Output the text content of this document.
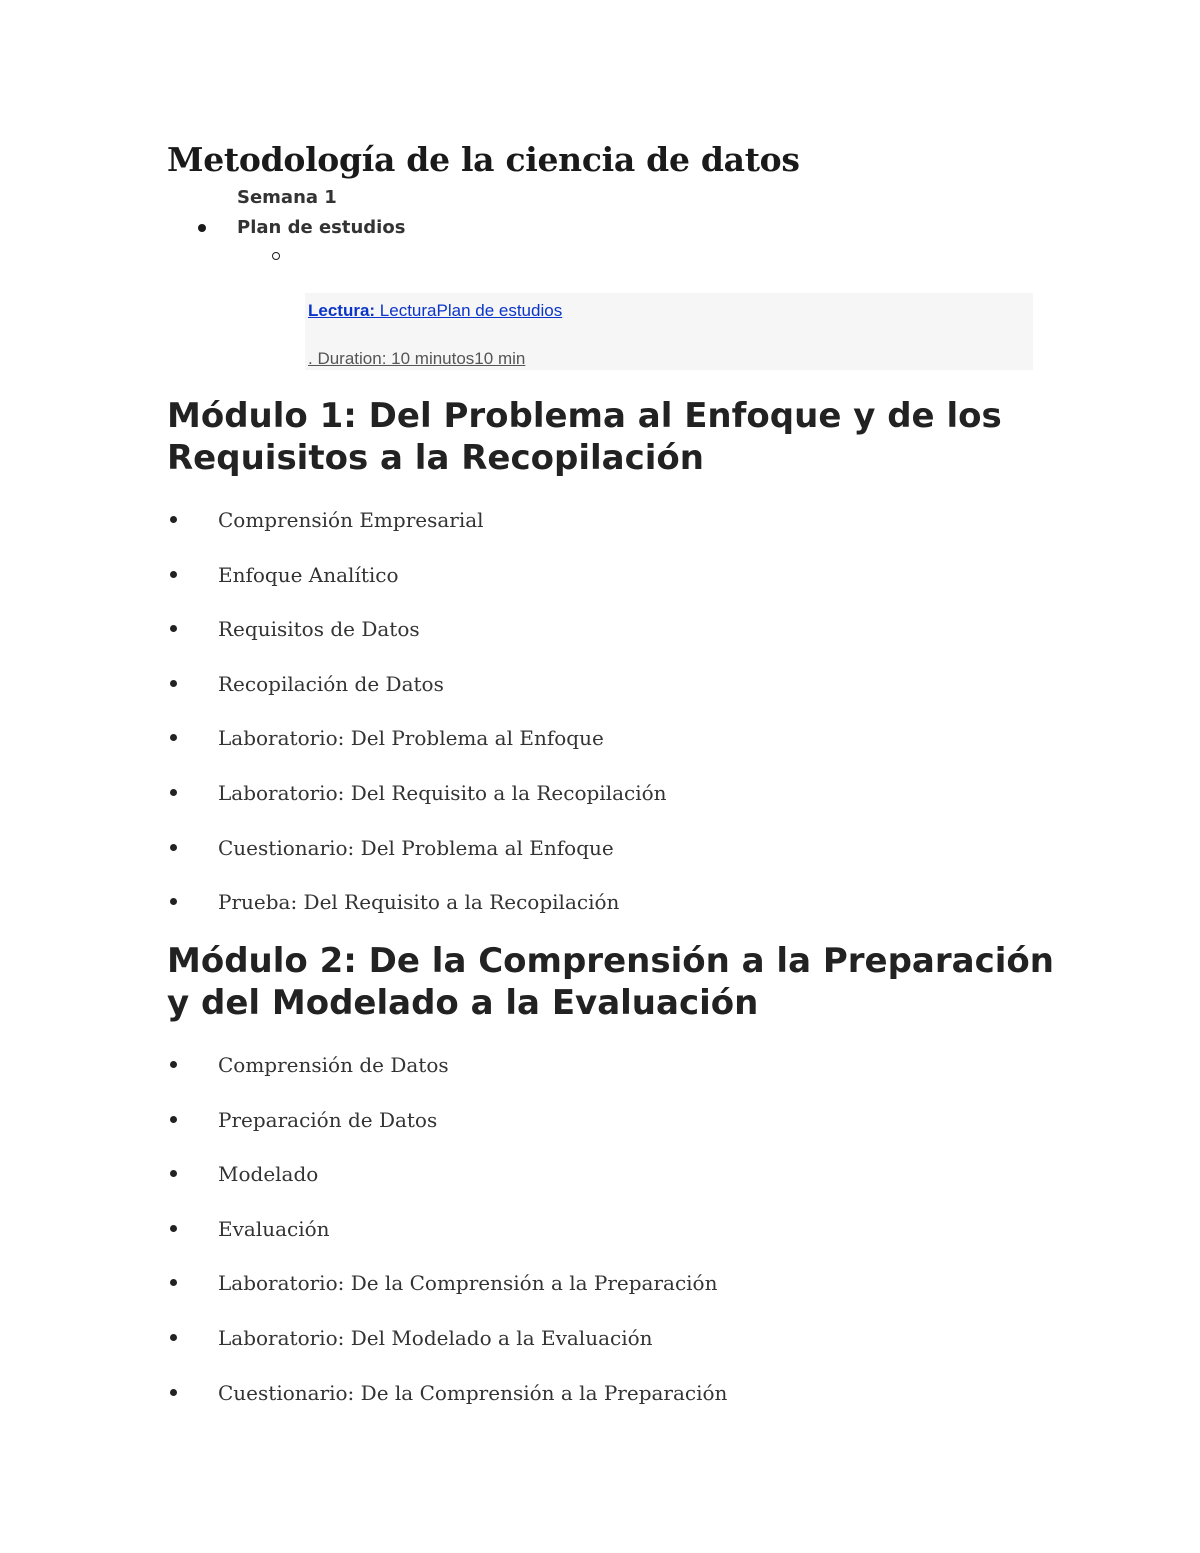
Metodología de la ciencia de datos
Semana 1
Plan de estudios
Lectura: LecturaPlan de estudios
. Duration: 10 minutos10 min
Módulo 1: Del Problema al Enfoque y de los Requisitos a la Recopilación
Comprensión Empresarial
Enfoque Analítico
Requisitos de Datos
Recopilación de Datos
Laboratorio: Del Problema al Enfoque
Laboratorio: Del Requisito a la Recopilación
Cuestionario: Del Problema al Enfoque
Prueba: Del Requisito a la Recopilación
Módulo 2: De la Comprensión a la Preparación y del Modelado a la Evaluación
Comprensión de Datos
Preparación de Datos
Modelado
Evaluación
Laboratorio: De la Comprensión a la Preparación
Laboratorio: Del Modelado a la Evaluación
Cuestionario: De la Comprensión a la Preparación
